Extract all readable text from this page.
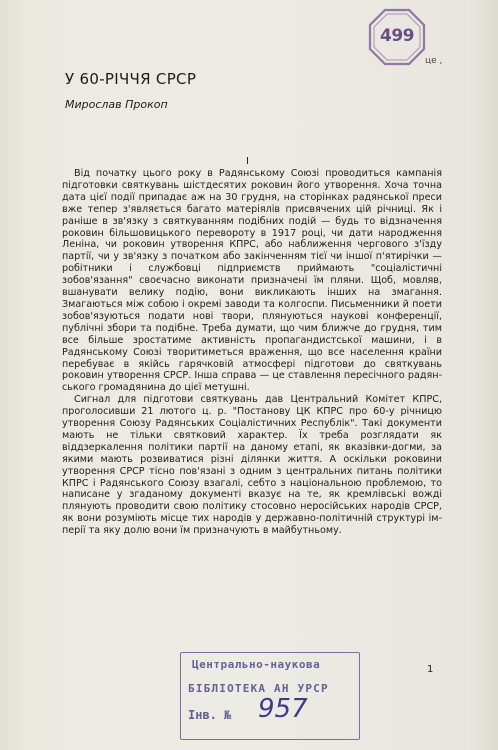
499
це ,
У 60-РІЧЧЯ СРСР
Мирослав Прокоп
І

Від початку цього року в Радянському Союзі проводиться кампанія підготовки святкувань шістдесятих роковин його утворення. Хоча точна дата цієї події припадає аж на 30 грудня, на сторінках радянської преси вже тепер з'являється багато матеріялів присвячених цій річниці. Як і раніше в зв'язку з святкуванням подібних подій — будь то відзначення роковин більшовицького перевороту в 1917 році, чи дати народження Леніна, чи роковин утворення КПРС, або наближення чергового з'їзду партії, чи у зв'язку з початком або закінченням тієї чи іншої п'ятирічки — робітники і службовці підприємств приймають "соціалістичні зобов'язання" своєчасно виконати призначені їм пляни. Щоб, мовляв, вшанувати велику подію, вони викликають інших на змагання. Змагаються між собою і окремі заводи та колгоспи. Письменники й поети зобов'язуються подати нові твори, плянуються наукові конференції, публічні збори та подібне. Треба думати, що чим ближче до грудня, тим все більше зростатиме активність пропагандистської машини, і в Радянському Союзі творитиметься враження, що все населення країни перебуває в якійсь гарячковій атмосфері підготови до святкувань роковин утворення СРСР. Інша справа — це ставлення пересічного радянського громадянина до цієї метушні.

Сигнал для підготови святкувань дав Центральний Комітет КПРС, проголосивши 21 лютого ц. р. "Постанову ЦК КПРС про 60-у річницю утворення Союзу Радянських Соціалістичних Республік". Такі документи мають не тільки святковий характер. Їх треба розглядати як віддзеркалення політики партії на даному етапі, як вказівки-догми, за якими мають розвиватися різні ділянки життя. А оскільки роковини утворення СРСР тісно пов'язані з одним з центральних питань політики КПРС і Радянського Союзу взагалі, себто з національною проблемою, то написане у згаданому документі вказує на те, як кремлівські вожді плянують проводити свою політику стосовно неросійських народів СРСР, як вони розуміють місце тих народів у державно-політичній структурі імперії та яку долю вони їм призначують в майбутньому.

1
Центрально-наукова
БІБЛІОТЕКА АН УРСР
Інв. № 957
